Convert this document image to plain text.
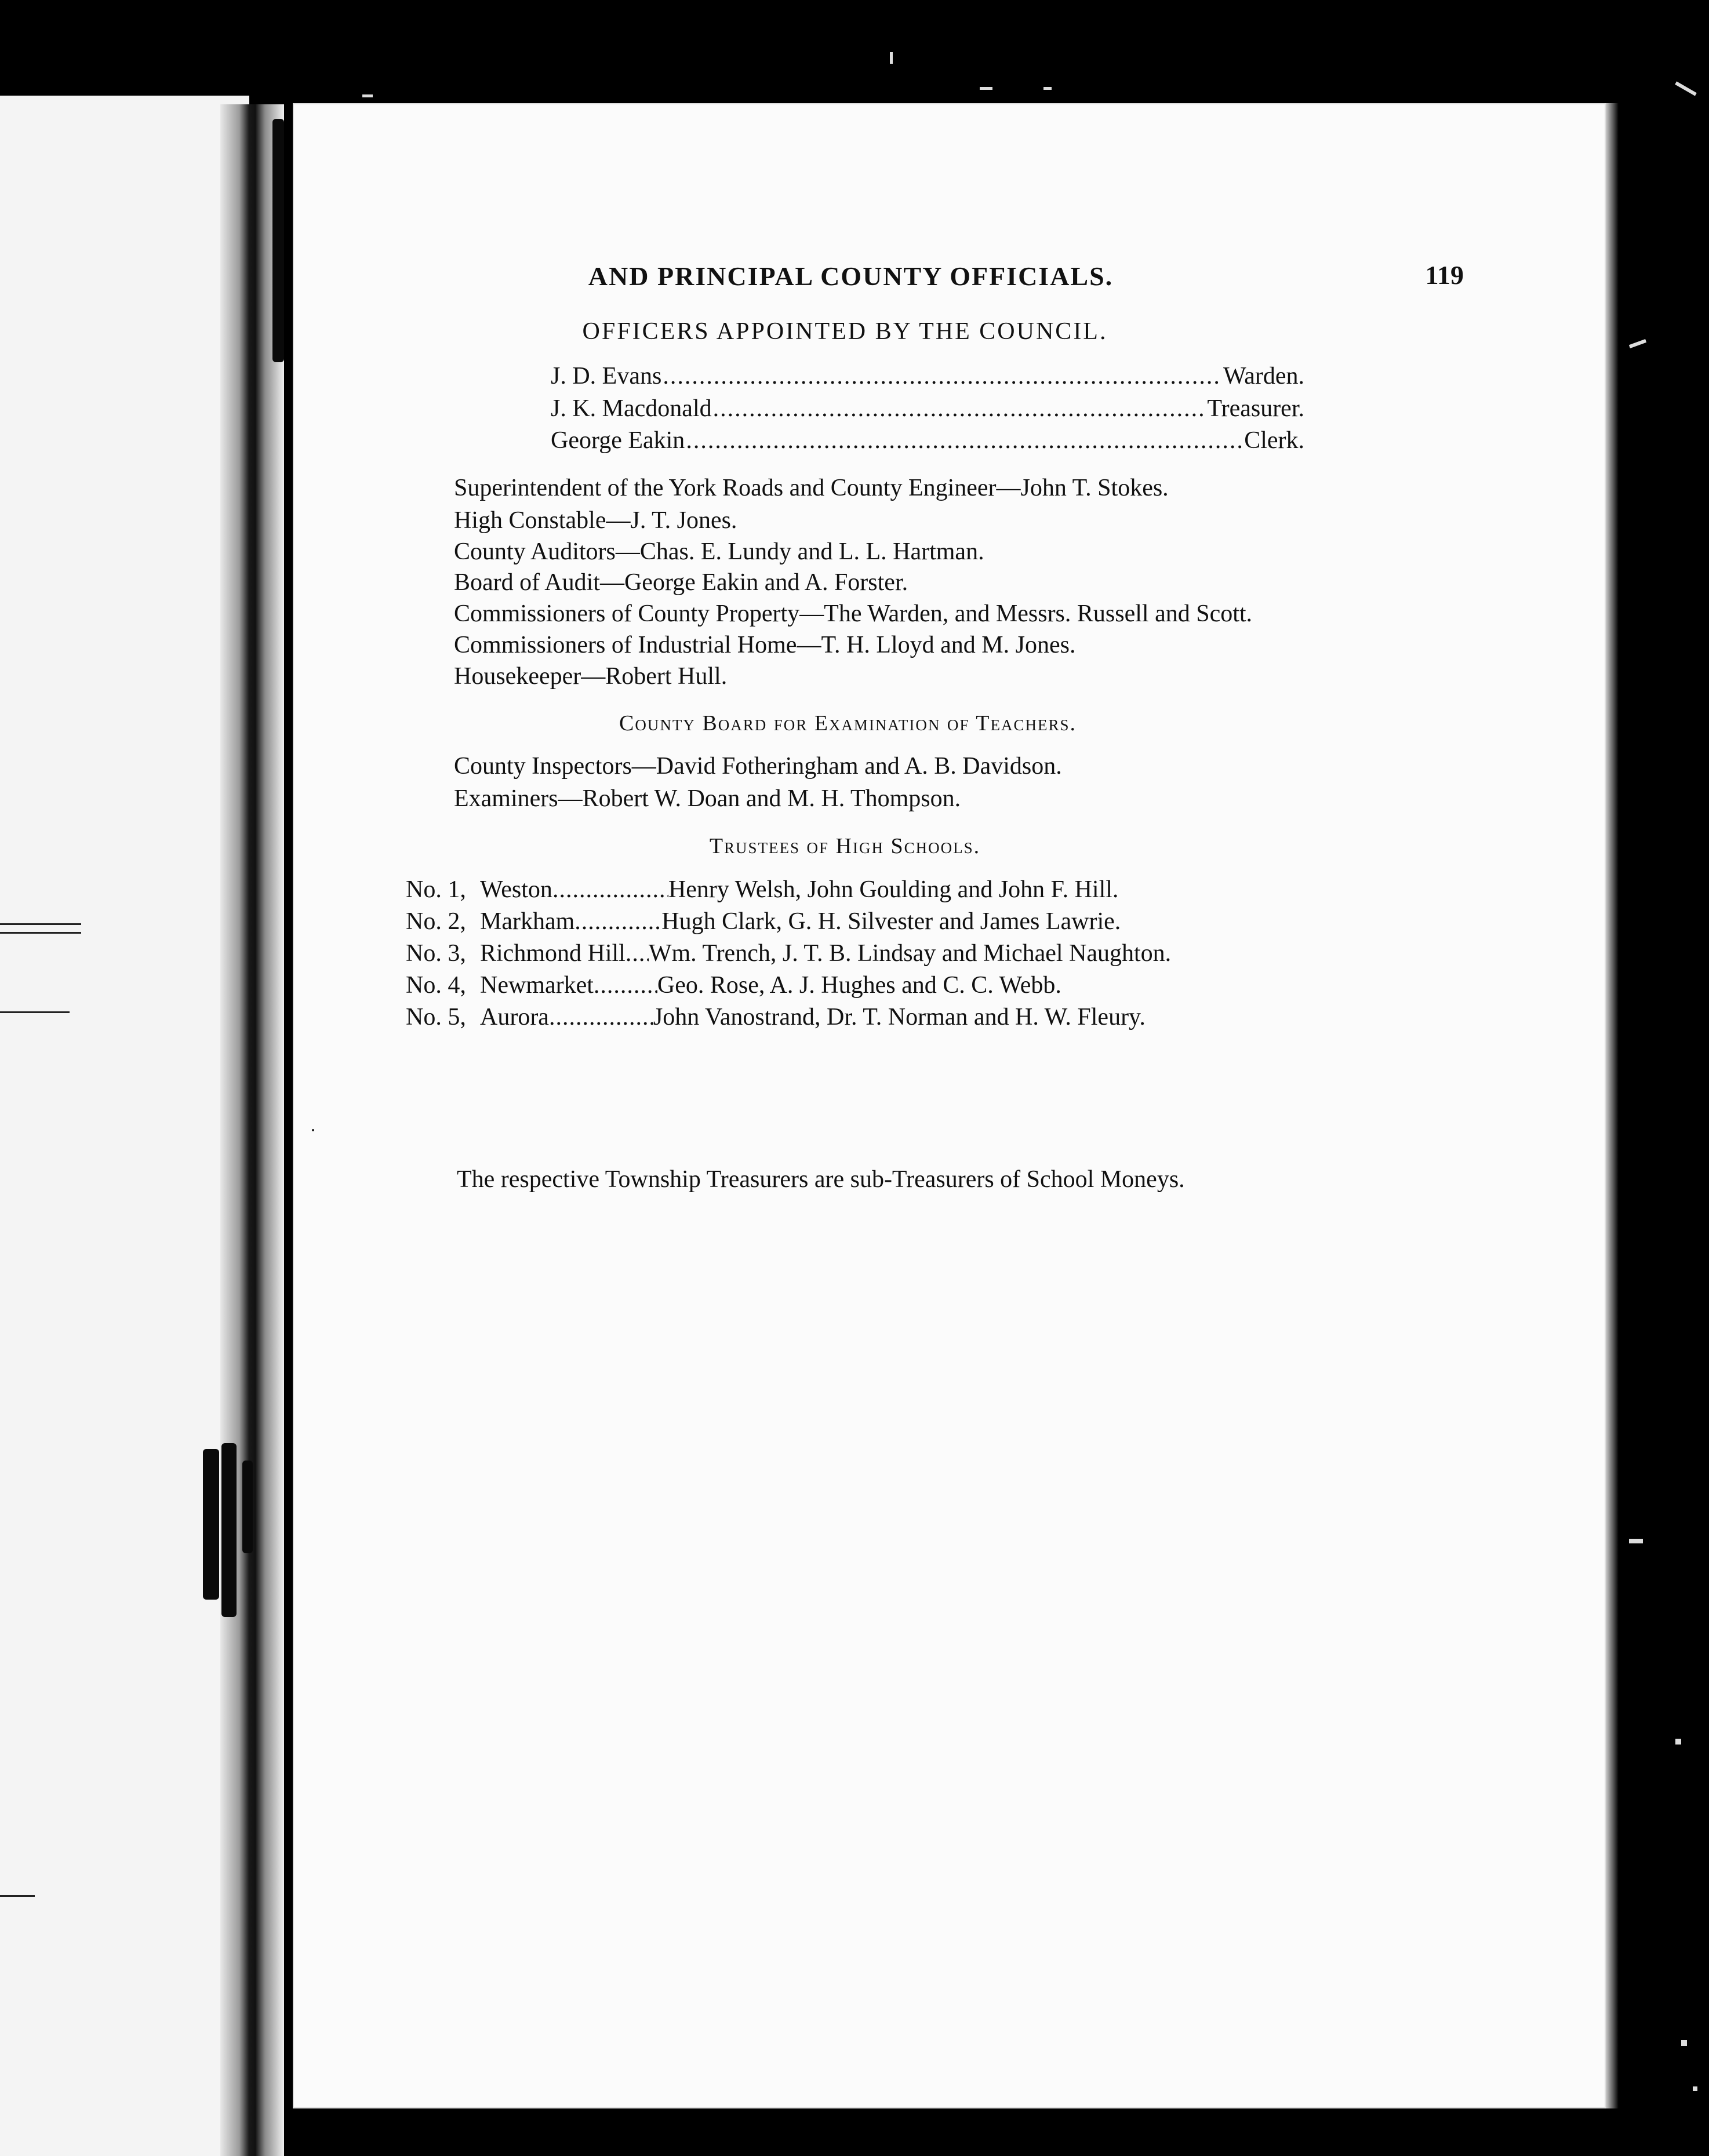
AND PRINCIPAL COUNTY OFFICIALS.	119
OFFICERS APPOINTED BY THE COUNCIL.
J. D. Evans .....	Warden.
J. K. Macdonald .....	Treasurer.
George Eakin .....	Clerk.
Superintendent of the York Roads and County Engineer—John T. Stokes.
High Constable—J. T. Jones.
County Auditors—Chas. E. Lundy and L. L. Hartman.
Board of Audit—George Eakin and A. Forster.
Commissioners of County Property—The Warden, and Messrs. Russell and Scott.
Commissioners of Industrial Home—T. H. Lloyd and M. Jones.
Housekeeper—Robert Hull.
County Board for Examination of Teachers.
County Inspectors—David Fotheringham and A. B. Davidson.
Examiners—Robert W. Doan and M. H. Thompson.
Trustees of High Schools.
No. 1, Weston .....	Henry Welsh, John Goulding and John F. Hill.
No. 2, Markham .....	Hugh Clark, G. H. Silvester and James Lawrie.
No. 3, Richmond Hill ..... Wm. Trench, J. T. B. Lindsay and Michael Naughton.
No. 4, Newmarket .....	Geo. Rose, A. J. Hughes and C. C. Webb.
No. 5, Aurora .....	John Vanostrand, Dr. T. Norman and H. W. Fleury.
The respective Township Treasurers are sub-Treasurers of School Moneys.
